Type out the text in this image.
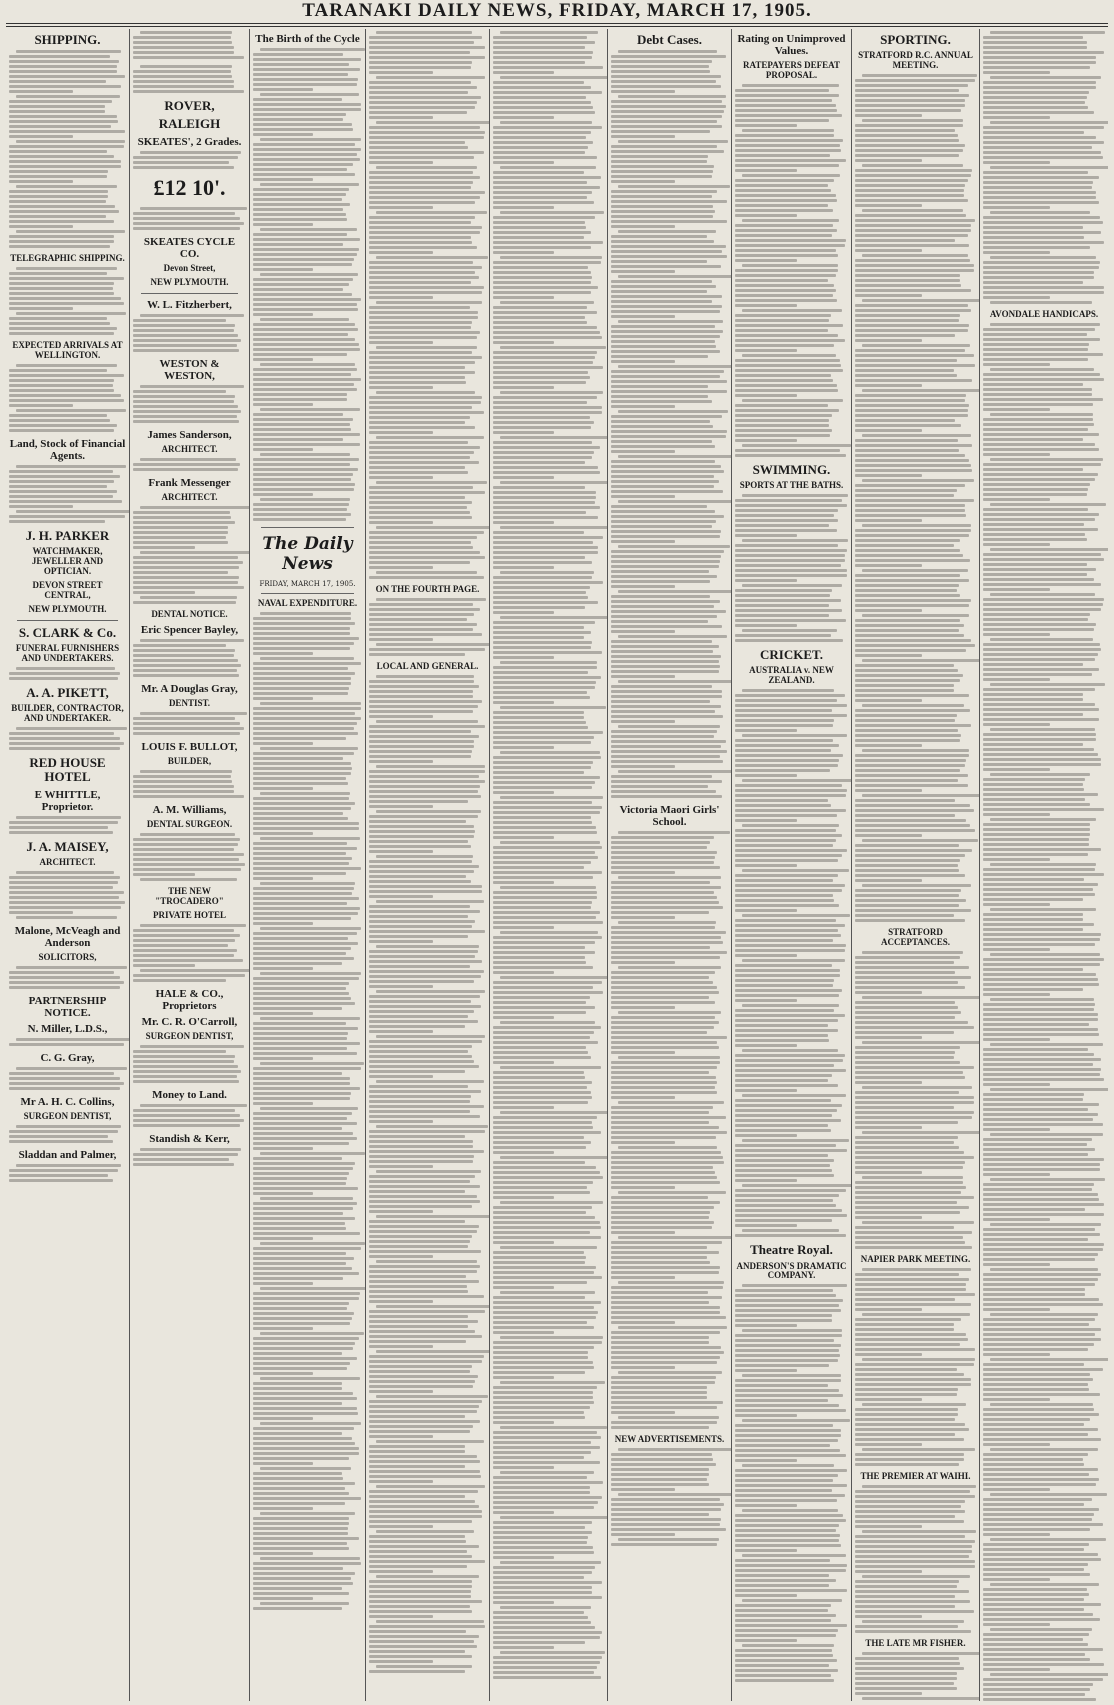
TARANAKI DAILY NEWS, FRIDAY, MARCH 17, 1905.
SHIPPING.
TELEGRAPHIC SHIPPING.
EXPECTED ARRIVALS AT WELLINGTON.
Land, Stock of Financial Agents.
J. H. PARKER
WATCHMAKER, JEWELLER AND OPTICIAN.
DEVON STREET CENTRAL,
NEW PLYMOUTH.
S. CLARK & Co.
FUNERAL FURNISHERS AND UNDERTAKERS.
A. A. PIKETT,
BUILDER, CONTRACTOR, AND UNDERTAKER.
RED HOUSE HOTEL
E WHITTLE, Proprietor.
J. A. MAISEY,
ARCHITECT.
Malone, McVeagh and Anderson
SOLICITORS,
PARTNERSHIP NOTICE.
N. Miller, L.D.S.,
C. G. Gray,
Mr A. H. C. Collins,
SURGEON DENTIST,
Sladdan and Palmer,
ROVER,
RALEIGH
SKEATES', 2 Grades.
£12 10'.
SKEATES CYCLE CO.
Devon Street,
NEW PLYMOUTH.
W. L. Fitzherbert,
WESTON & WESTON,
James Sanderson,
ARCHITECT.
Frank Messenger
ARCHITECT.
DENTAL NOTICE.
Eric Spencer Bayley,
Mr. A Douglas Gray,
DENTIST.
LOUIS F. BULLOT,
BUILDER,
A. M. Williams,
DENTAL SURGEON.
THE NEW "TROCADERO"
PRIVATE HOTEL
HALE & CO., Proprietors
Mr. C. R. O'Carroll,
SURGEON DENTIST,
Money to Land.
Standish & Kerr,
The Birth of the Cycle
The Daily News
FRIDAY, MARCH 17, 1905.
NAVAL EXPENDITURE.
ON THE FOURTH PAGE.
LOCAL AND GENERAL.
Debt Cases.
Victoria Maori Girls' School.
NEW ADVERTISEMENTS.
Rating on Unimproved Values.
RATEPAYERS DEFEAT PROPOSAL.
SWIMMING.
SPORTS AT THE BATHS.
CRICKET.
AUSTRALIA v. NEW ZEALAND.
Theatre Royal.
ANDERSON'S DRAMATIC COMPANY.
SPORTING.
STRATFORD R.C. ANNUAL MEETING.
STRATFORD ACCEPTANCES.
NAPIER PARK MEETING.
THE PREMIER AT WAIHI.
THE LATE MR FISHER.
AVONDALE HANDICAPS.
